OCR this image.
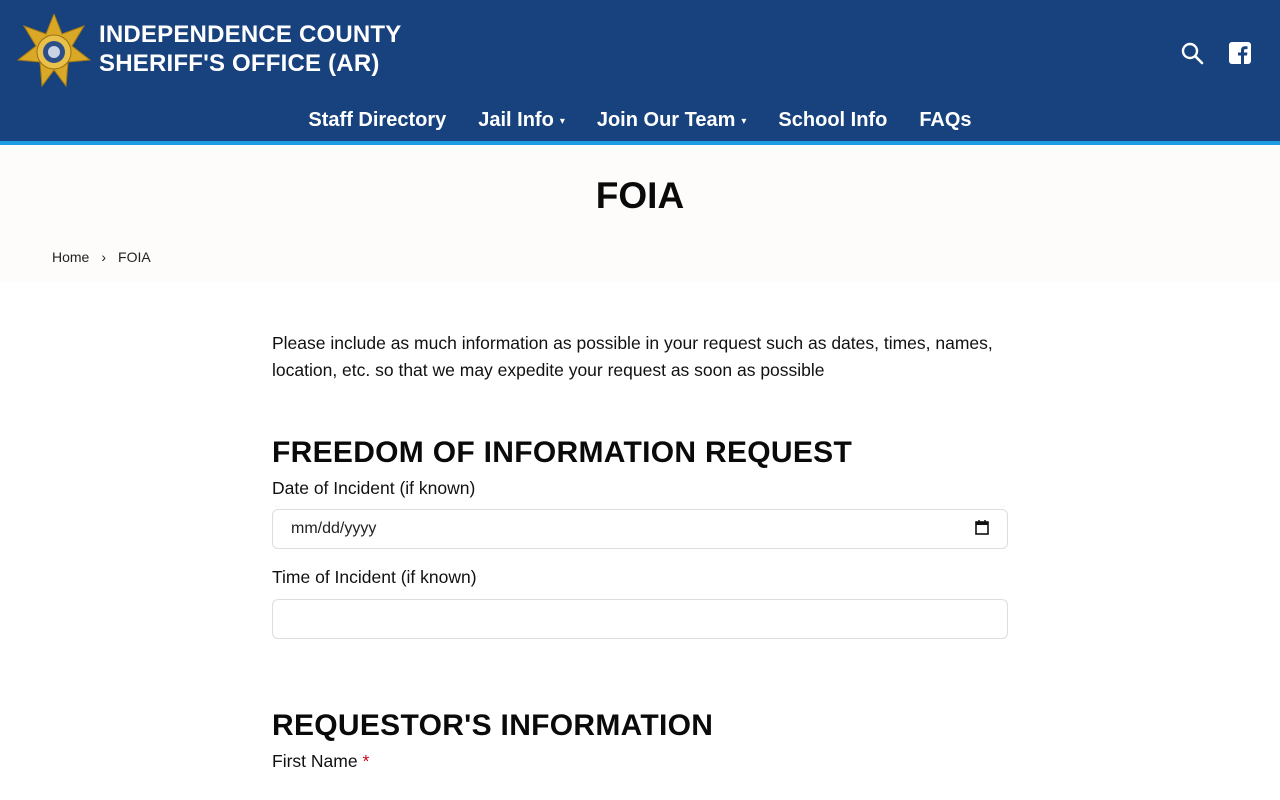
INDEPENDENCE COUNTY
SHERIFF'S OFFICE (AR)
Staff Directory Jail Info ▾ Join Our Team ▾ School Info FAQs
FOIA
Home › FOIA

Please include as much information as possible in your request such as dates, times, names, location, etc. so that we may expedite your request as soon as possible

FREEDOM OF INFORMATION REQUEST
Date of Incident (if known)
mm/dd/yyyy
Time of Incident (if known)
REQUESTOR'S INFORMATION
First Name *
